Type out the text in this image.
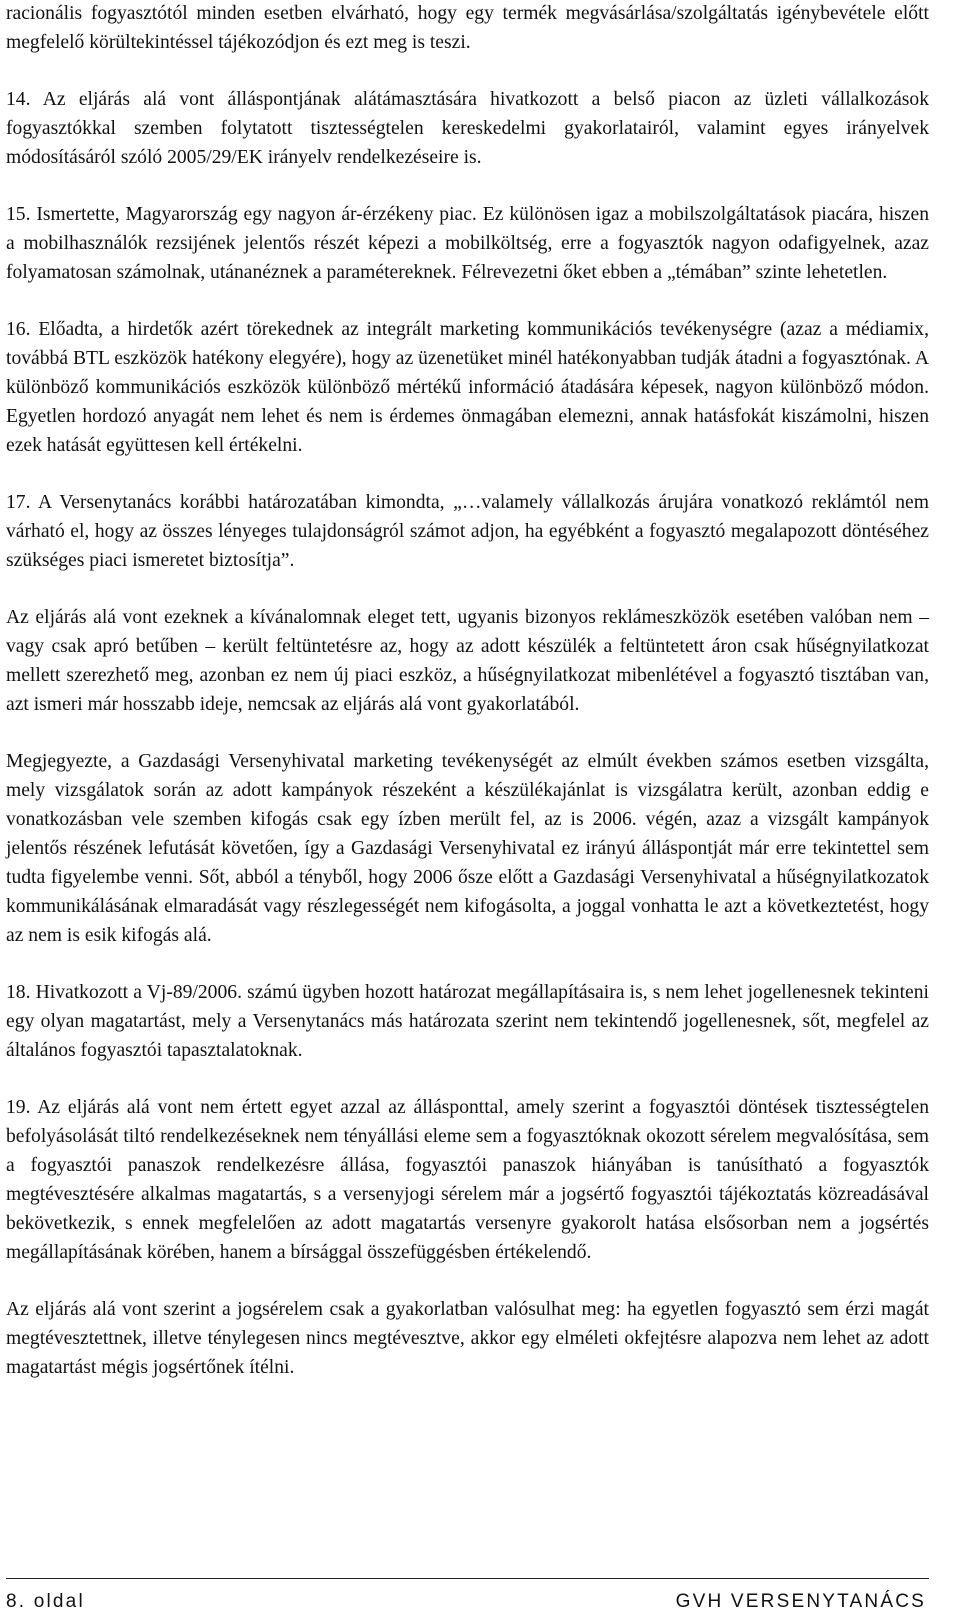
racionális fogyasztótól minden esetben elvárható, hogy egy termék megvásárlása/szolgáltatás igénybevétele előtt megfelelő körültekintéssel tájékozódjon és ezt meg is teszi.

14. Az eljárás alá vont álláspontjának alátámasztására hivatkozott a belső piacon az üzleti vállalkozások fogyasztókkal szemben folytatott tisztességtelen kereskedelmi gyakorlatairól, valamint egyes irányelvek módosításáról szóló 2005/29/EK irányelv rendelkezéseire is.

15. Ismertette, Magyarország egy nagyon ár-érzékeny piac. Ez különösen igaz a mobilszolgáltatások piacára, hiszen a mobilhasználók rezsijének jelentős részét képezi a mobilköltség, erre a fogyasztók nagyon odafigyelnek, azaz folyamatosan számolnak, utánanéznek a paramétereknek. Félrevezetni őket ebben a „témában” szinte lehetetlen.

16. Előadta, a hirdetők azért törekednek az integrált marketing kommunikációs tevékenységre (azaz a médiamix, továbbá BTL eszközök hatékony elegyére), hogy az üzenetüket minél hatékonyabban tudják átadni a fogyasztónak. A különböző kommunikációs eszközök különböző mértékű információ átadására képesek, nagyon különböző módon. Egyetlen hordozó anyagát nem lehet és nem is érdemes önmagában elemezni, annak hatásfokát kiszámolni, hiszen ezek hatását együttesen kell értékelni.

17. A Versenytanács korábbi határozatában kimondta, „…valamely vállalkozás árujára vonatkozó reklámtól nem várható el, hogy az összes lényeges tulajdonságról számot adjon, ha egyébként a fogyasztó megalapozott döntéséhez szükséges piaci ismeretet biztosítja”.

Az eljárás alá vont ezeknek a kívánalomnak eleget tett, ugyanis bizonyos reklámeszközök esetében valóban nem – vagy csak apró betűben – került feltüntetésre az, hogy az adott készülék a feltüntetett áron csak hűségnyilatkozat mellett szerezhető meg, azonban ez nem új piaci eszköz, a hűségnyilatkozat mibenlétével a fogyasztó tisztában van, azt ismeri már hosszabb ideje, nemcsak az eljárás alá vont gyakorlatából.

Megjegyezte, a Gazdasági Versenyhivatal marketing tevékenységét az elmúlt években számos esetben vizsgálta, mely vizsgálatok során az adott kampányok részeként a készülékajánlat is vizsgálatra került, azonban eddig e vonatkozásban vele szemben kifogás csak egy ízben merült fel, az is 2006. végén, azaz a vizsgált kampányok jelentős részének lefutását követően, így a Gazdasági Versenyhivatal ez irányú álláspontját már erre tekintettel sem tudta figyelembe venni. Sőt, abból a tényből, hogy 2006 ősze előtt a Gazdasági Versenyhivatal a hűségnyilatkozatok kommunikálásának elmaradását vagy részlegességét nem kifogásolta, a joggal vonhatta le azt a következtetést, hogy az nem is esik kifogás alá.

18. Hivatkozott a Vj-89/2006. számú ügyben hozott határozat megállapításaira is, s nem lehet jogellenesnek tekinteni egy olyan magatartást, mely a Versenytanács más határozata szerint nem tekintendő jogellenesnek, sőt, megfelel az általános fogyasztói tapasztalatoknak.

19. Az eljárás alá vont nem értett egyet azzal az állásponttal, amely szerint a fogyasztói döntések tisztességtelen befolyásolását tiltó rendelkezéseknek nem tényállási eleme sem a fogyasztóknak okozott sérelem megvalósítása, sem a fogyasztói panaszok rendelkezésre állása, fogyasztói panaszok hiányában is tanúsítható a fogyasztók megtévesztésére alkalmas magatartás, s a versenyjogi sérelem már a jogsértő fogyasztói tájékoztatás közreadásával bekövetkezik, s ennek megfelelően az adott magatartás versenyre gyakorolt hatása elsősorban nem a jogsértés megállapításának körében, hanem a bírsággal összefüggésben értékelendő.

Az eljárás alá vont szerint a jogsérelem csak a gyakorlatban valósulhat meg: ha egyetlen fogyasztó sem érzi magát megtévesztettnek, illetve ténylegesen nincs megtévesztve, akkor egy elméleti okfejtésre alapozva nem lehet az adott magatartást mégis jogsértőnek ítélni.

8. oldal	GVH VERSENYTANÁCS
